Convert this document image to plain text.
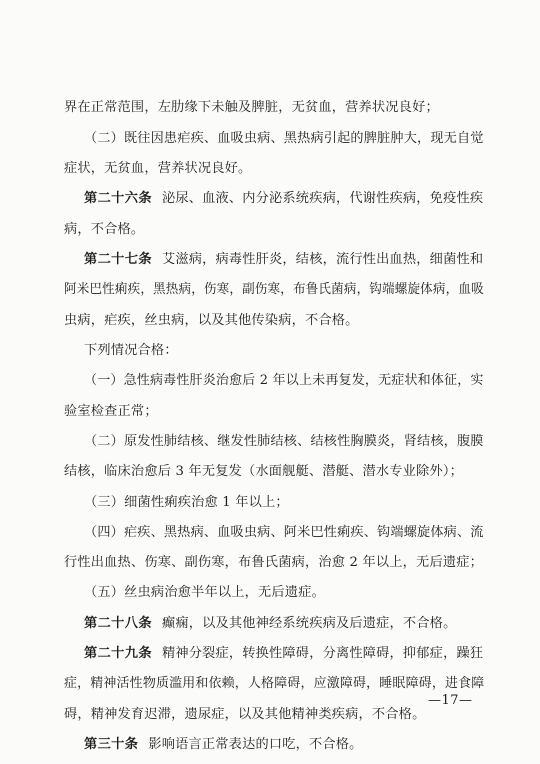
界在正常范围，左肋缘下未触及脾脏，无贫血，营养状况良好；
（二）既往因患疟疾、血吸虫病、黑热病引起的脾脏肿大，现无自觉
症状，无贫血，营养状况良好。
第二十六条 泌尿、血液、内分泌系统疾病，代谢性疾病，免疫性疾
病，不合格。
第二十七条 艾滋病，病毒性肝炎，结核，流行性出血热，细菌性和
阿米巴性痢疾，黑热病，伤寒，副伤寒，布鲁氏菌病，钩端螺旋体病，血吸
虫病，疟疾，丝虫病，以及其他传染病，不合格。
下列情况合格：
（一）急性病毒性肝炎治愈后 2 年以上未再复发，无症状和体征，实
验室检查正常；
（二）原发性肺结核、继发性肺结核、结核性胸膜炎，肾结核，腹膜
结核，临床治愈后 3 年无复发（水面舰艇、潜艇、潜水专业除外）；
（三）细菌性痢疾治愈 1 年以上；
（四）疟疾、黑热病、血吸虫病、阿米巴性痢疾、钩端螺旋体病、流
行性出血热、伤寒、副伤寒，布鲁氏菌病，治愈 2 年以上，无后遗症；
（五）丝虫病治愈半年以上，无后遗症。
第二十八条 癫痫，以及其他神经系统疾病及后遗症，不合格。
第二十九条 精神分裂症，转换性障碍，分离性障碍，抑郁症，躁狂
症，精神活性物质滥用和依赖，人格障碍，应激障碍，睡眠障碍，进食障
碍，精神发育迟滞，遗尿症，以及其他精神类疾病，不合格。
第三十条 影响语言正常表达的口吃，不合格。
—17—
